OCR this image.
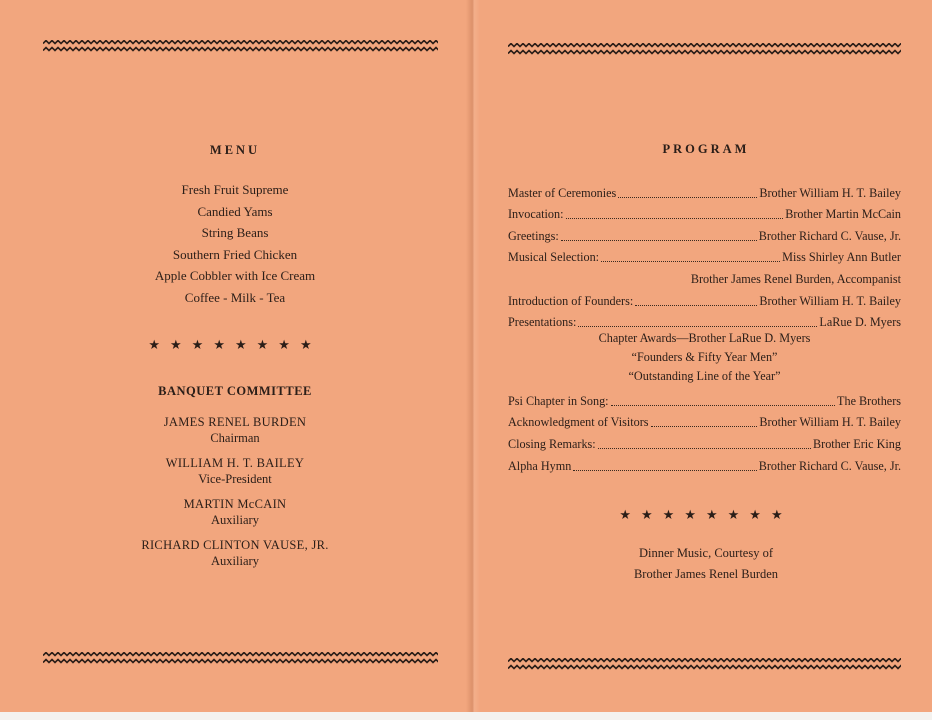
MENU
Fresh Fruit Supreme
Candied Yams
String Beans
Southern Fried Chicken
Apple Cobbler with Ice Cream
Coffee - Milk - Tea
★★★★★★★★
BANQUET COMMITTEE
JAMES RENEL BURDEN
Chairman
WILLIAM H. T. BAILEY
Vice-President
MARTIN McCAIN
Auxiliary
RICHARD CLINTON VAUSE, JR.
Auxiliary
PROGRAM
Master of Ceremonies	Brother William H. T. Bailey
Invocation:	Brother Martin McCain
Greetings:	Brother Richard C. Vause, Jr.
Musical Selection:	Miss Shirley Ann Butler
Brother James Renel Burden, Accompanist
Introduction of Founders:	Brother William H. T. Bailey
Presentations:	LaRue D. Myers
Chapter Awards—Brother LaRue D. Myers
“Founders & Fifty Year Men”
“Outstanding Line of the Year”
Psi Chapter in Song:	The Brothers
Acknowledgment of Visitors	Brother William H. T. Bailey
Closing Remarks:	Brother Eric King
Alpha Hymn	Brother Richard C. Vause, Jr.
★★★★★★★★
Dinner Music, Courtesy of
Brother James Renel Burden
